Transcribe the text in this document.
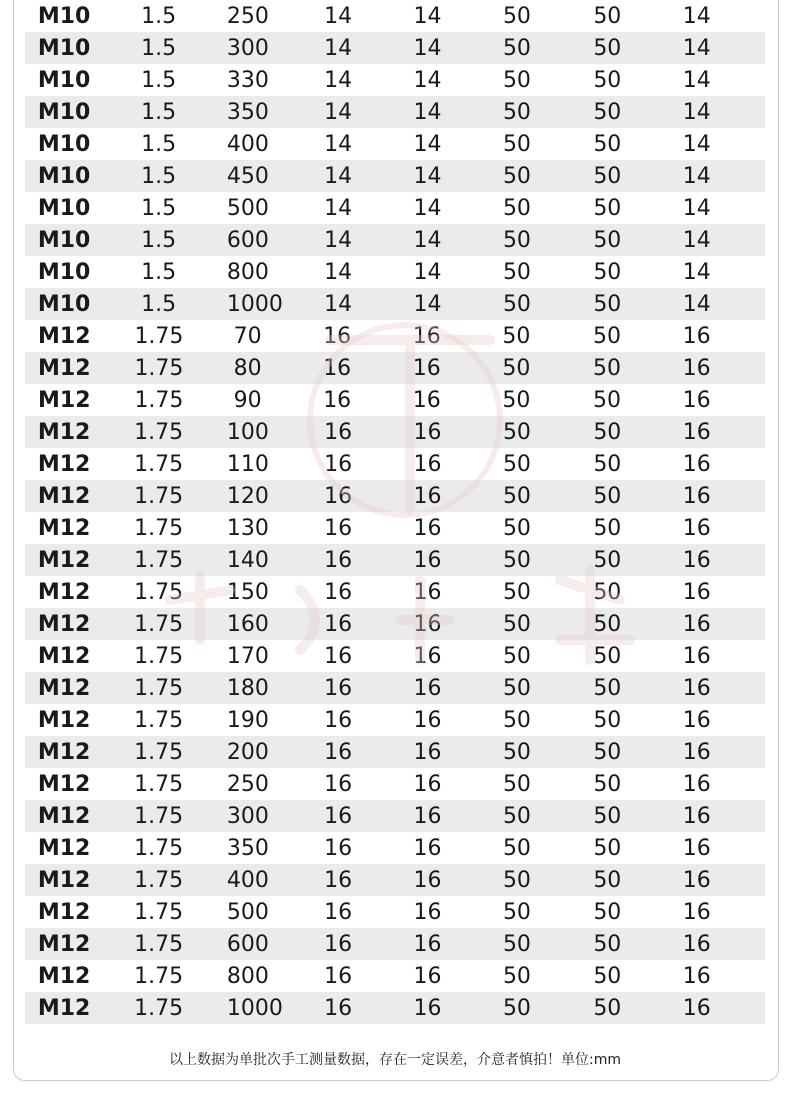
M10	1.5	250	14	14	50	50	14
M10	1.5	300	14	14	50	50	14
M10	1.5	330	14	14	50	50	14
M10	1.5	350	14	14	50	50	14
M10	1.5	400	14	14	50	50	14
M10	1.5	450	14	14	50	50	14
M10	1.5	500	14	14	50	50	14
M10	1.5	600	14	14	50	50	14
M10	1.5	800	14	14	50	50	14
M10	1.5	1000	14	14	50	50	14
M12	1.75	70	16	16	50	50	16
M12	1.75	80	16	16	50	50	16
M12	1.75	90	16	16	50	50	16
M12	1.75	100	16	16	50	50	16
M12	1.75	110	16	16	50	50	16
M12	1.75	120	16	16	50	50	16
M12	1.75	130	16	16	50	50	16
M12	1.75	140	16	16	50	50	16
M12	1.75	150	16	16	50	50	16
M12	1.75	160	16	16	50	50	16
M12	1.75	170	16	16	50	50	16
M12	1.75	180	16	16	50	50	16
M12	1.75	190	16	16	50	50	16
M12	1.75	200	16	16	50	50	16
M12	1.75	250	16	16	50	50	16
M12	1.75	300	16	16	50	50	16
M12	1.75	350	16	16	50	50	16
M12	1.75	400	16	16	50	50	16
M12	1.75	500	16	16	50	50	16
M12	1.75	600	16	16	50	50	16
M12	1.75	800	16	16	50	50	16
M12	1.75	1000	16	16	50	50	16
以上数据为单批次手工测量数据，存在一定误差，介意者慎拍！单位:mm
